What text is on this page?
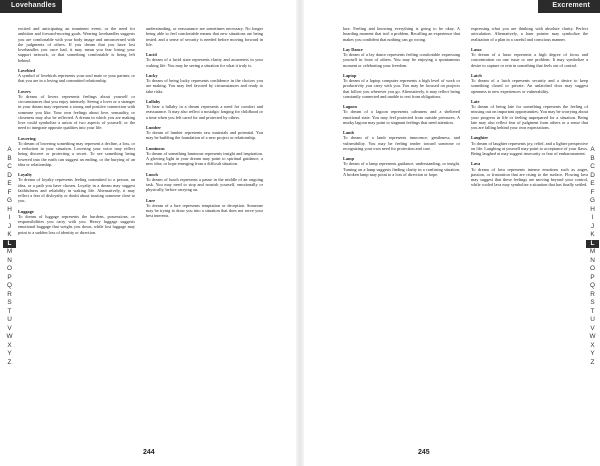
Lovehandles
A
B
C
D
E
F
G
H
I
J
K
L
M
N
O
P
Q
R
S
T
U
V
W
X
Y
Z
excited and anticipating an imminent event, or the need for ambition and forward-moving goals. Wearing lovehandles suggests you are comfortable with your body image and unconcerned with the judgments of others. If you dream that you have lost lovehandles you once had, it may mean you fear losing your support network, or that something comfortable is being left behind.
Lovebird
A symbol of lovebirds represents your soul mate or your partner, or that you are in a loving and committed relationship.
Lovers
To dream of lovers represents feelings about yourself or circumstances that you enjoy intensely. Seeing a lover or a stranger in your dream may represent a strong and positive connection with someone you like. Your own feelings about love, sensuality, or closeness may also be reflected. A dream in which you are making love could symbolize a union of two aspects of yourself, or the need to integrate opposite qualities into your life.
Lowering
To dream of lowering something may represent a decline, a loss, or a reduction in your situation. Lowering your voice may reflect being discreet or protecting a secret. To see something being lowered into the earth can suggest an ending, or the burying of an idea or relationship.
Loyalty
To dream of loyalty represents feeling committed to a person, an idea, or a path you have chosen. Loyalty in a dream may suggest faithfulness and reliability in waking life. Alternatively, it may reflect a fear of disloyalty or doubt about trusting someone close to you.
Luggage
To dream of luggage represents the burdens, possessions, or responsibilities you carry with you. Heavy luggage suggests emotional baggage that weighs you down, while lost luggage may point to a sudden loss of identity or direction.
understanding, or reassurance are sometimes necessary. No longer being able to feel comfortable means that new situations are being tested, and a sense of security is needed before moving forward in life.
Lucid
To dream of a lucid state represents clarity and awareness in your waking life. You may be seeing a situation for what it truly is.
Lucky
To dream of being lucky represents confidence in the choices you are making. You may feel favored by circumstances and ready to take risks.
Lullaby
To hear a lullaby in a dream represents a need for comfort and reassurance. It may also reflect a nostalgic longing for childhood or a time when you felt cared for and protected by others.
Lumber
To dream of lumber represents raw materials and potential. You may be building the foundation of a new project or relationship.
Luminous
To dream of something luminous represents insight and inspiration. A glowing light in your dream may point to spiritual guidance, a new idea, or hope emerging from a difficult situation.
Lunch
To dream of lunch represents a pause in the middle of an ongoing task. You may need to stop and nourish yourself, emotionally or physically, before carrying on.
Lure
To dream of a lure represents temptation or deception. Someone may be trying to draw you into a situation that does not serve your best interests.
244
Excrement
A
B
C
D
E
F
G
H
I
J
K
L
M
N
O
P
Q
R
S
T
U
V
W
X
Y
Z
lure. Feeling and knowing everything is going to be okay. A hoarding moment that isn't a problem. Recalling an experience that makes you confident that nothing can go wrong.
Lay Dance
To dream of a lay dance represents feeling comfortable expressing yourself in front of others. You may be enjoying a spontaneous moment or celebrating your freedom.
Laptop
To dream of a laptop computer represents a high level of work or productivity you carry with you. You may be focused on projects that follow you wherever you go. Alternatively, it may reflect being constantly connected and unable to rest from obligations.
Lagoon
To dream of a lagoon represents calmness and a sheltered emotional state. You may feel protected from outside pressures. A murky lagoon may point to stagnant feelings that need attention.
Lamb
To dream of a lamb represents innocence, gentleness, and vulnerability. You may be feeling tender toward someone or recognizing your own need for protection and care.
Lamp
To dream of a lamp represents guidance, understanding, or insight. Turning on a lamp suggests finding clarity in a confusing situation. A broken lamp may point to a loss of direction or hope.
expressing what you are thinking with absolute clarity. Perfect articulation. Alternatively, a laser pointer may symbolize the realization of a plan in a careful and conscious manner.
Lasso
To dream of a lasso represents a high degree of focus and concentration on one issue or one problem. It may symbolize a desire to capture or rein in something that feels out of control.
Latch
To dream of a latch represents security and a desire to keep something closed or private. An unlatched door may suggest openness to new experiences or vulnerability.
Late
To dream of being late for something represents the feeling of missing out on important opportunities. You may be worrying about your progress in life or feeling unprepared for a situation. Being late may also reflect fear of judgment from others or a sense that you are falling behind your own expectations.
Laughter
To dream of laughter represents joy, relief, and a lighter perspective on life. Laughing at yourself may point to acceptance of your flaws. Being laughed at may suggest insecurity or fear of embarrassment.
Lava
To dream of lava represents intense emotions such as anger, passion, or frustration that are rising to the surface. Flowing lava may suggest that these feelings are moving beyond your control, while cooled lava may symbolize a situation that has finally settled.
245
